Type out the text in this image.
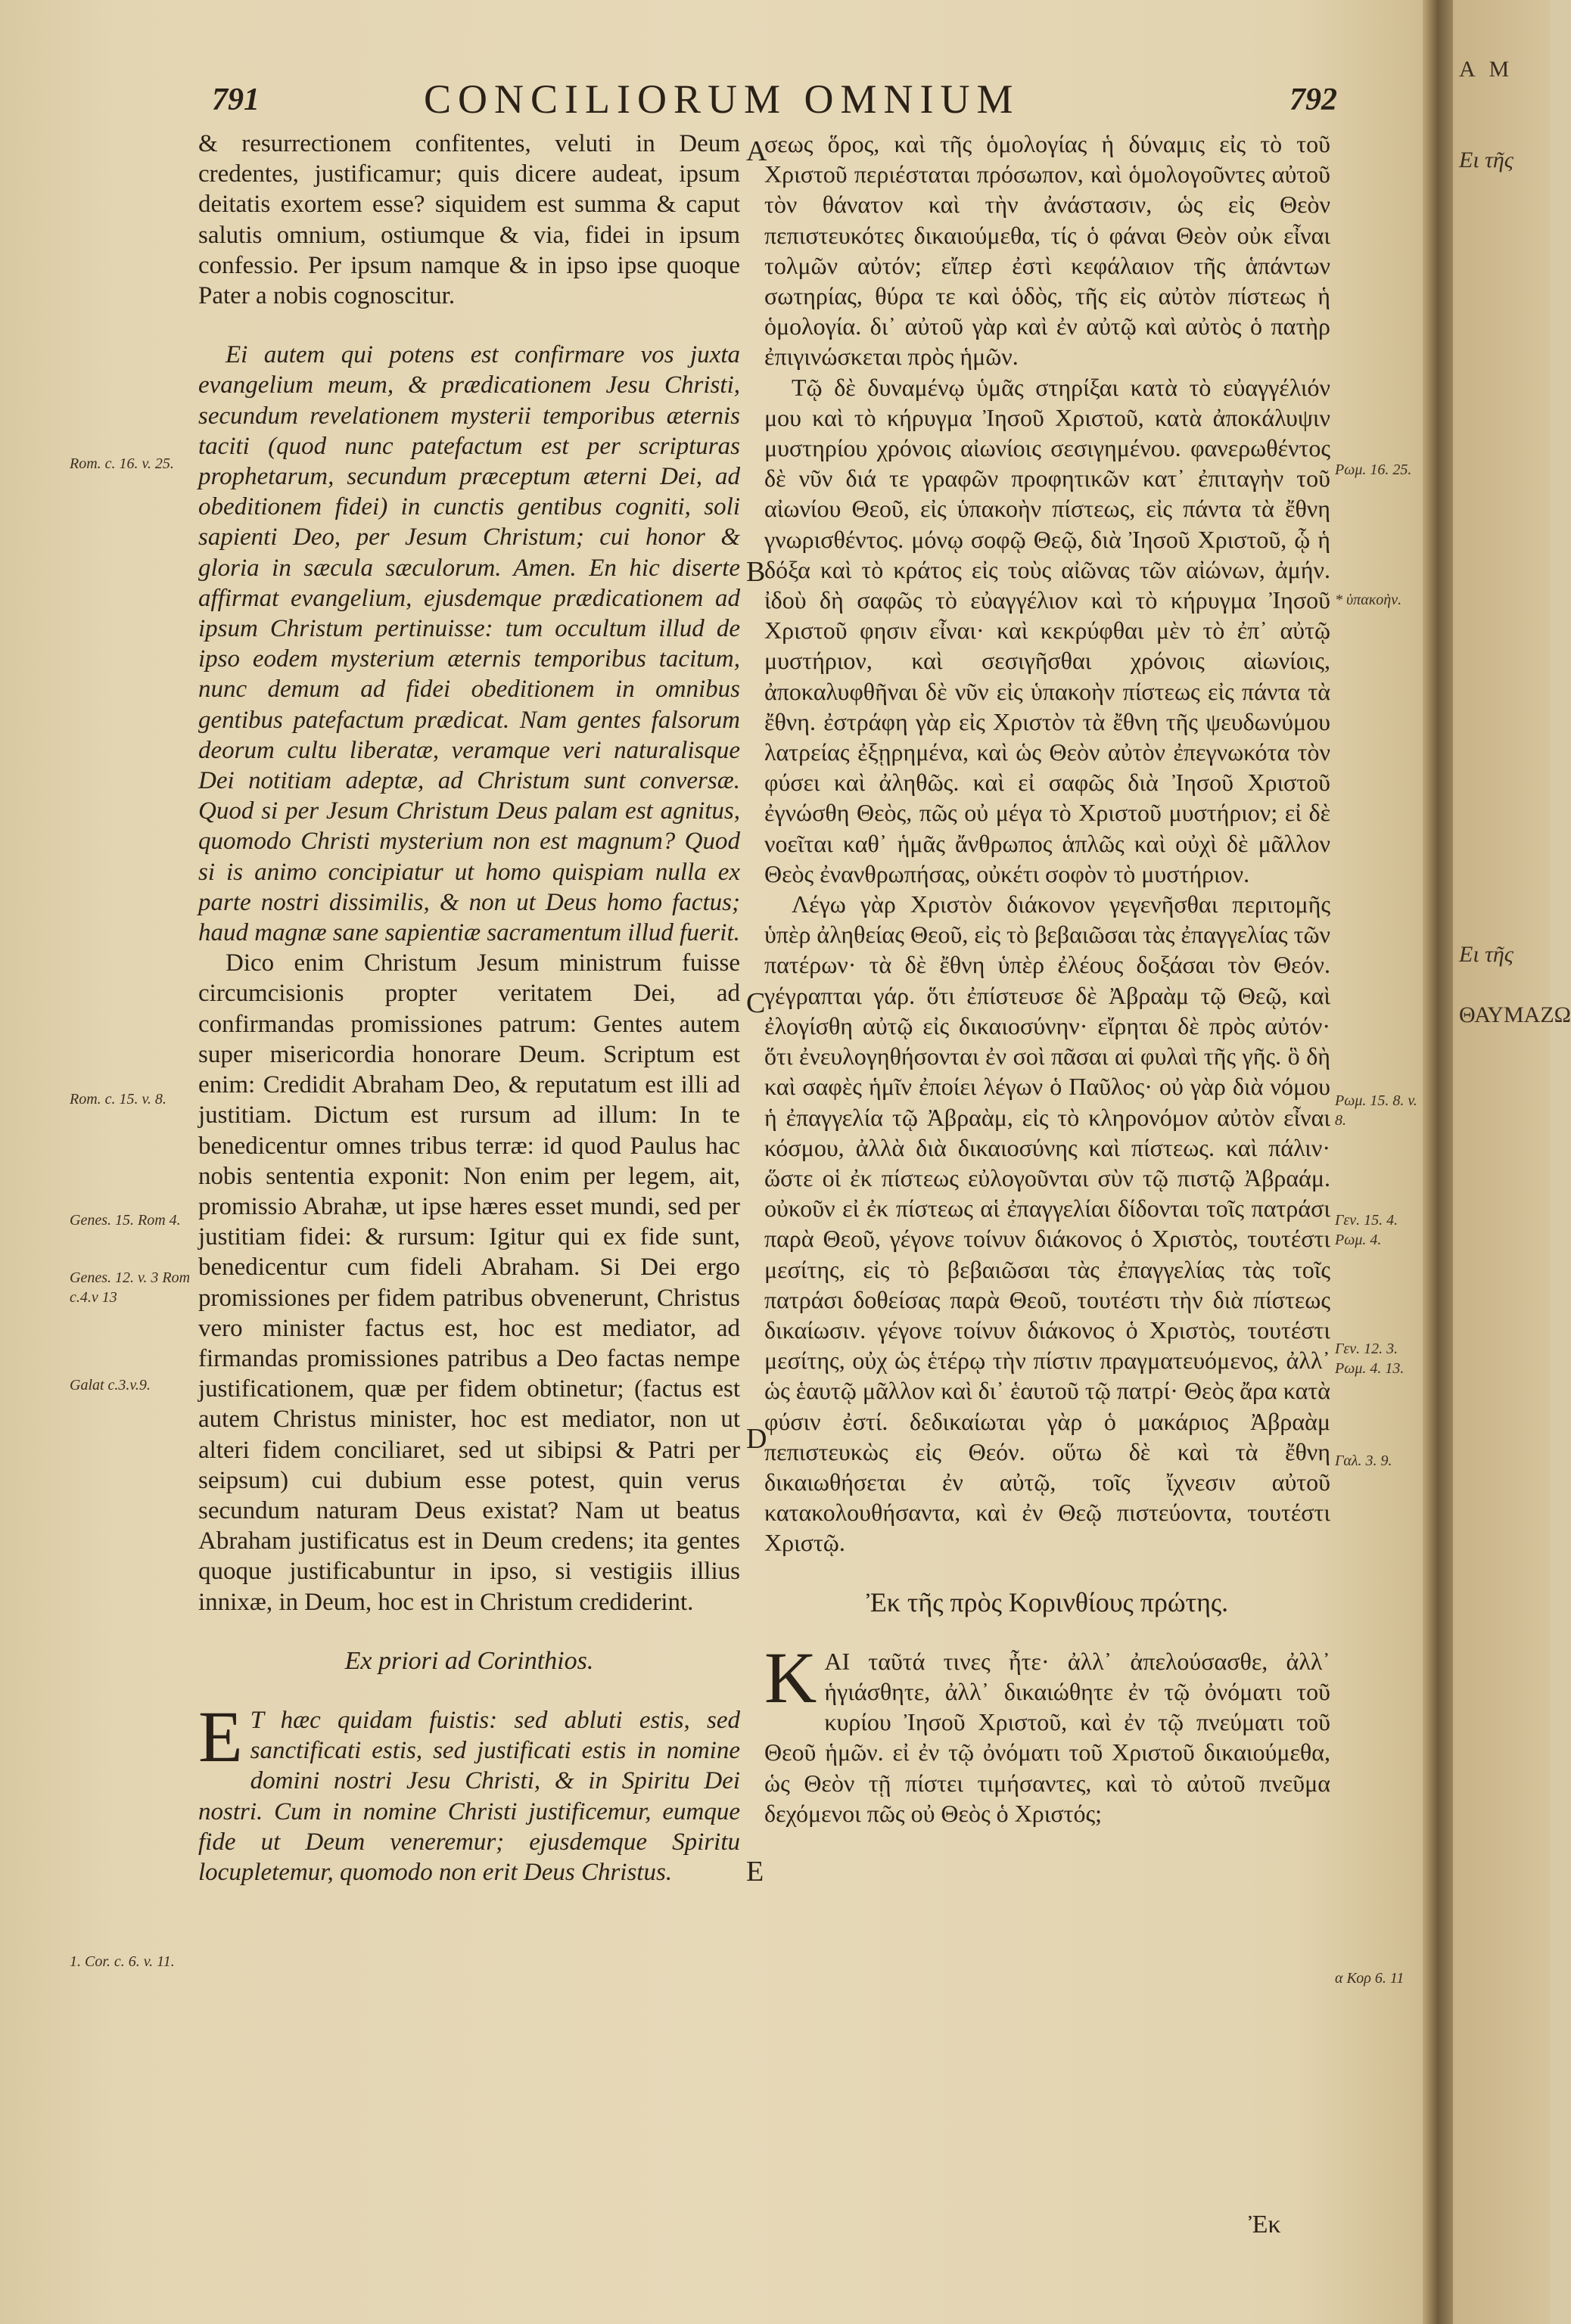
791	CONCILIORUM OMNIUM	792

& resurrectionem confitentes, veluti in Deum credentes, justificamur; quis dicere audeat, ipsum deitatis exortem esse? siquidem est summa & caput salutis omnium, ostiumque & via, fidei in ipsum confessio. Per ipsum namque & in ipso ipse quoque Pater a nobis cognoscitur.

Ei autem qui potens est confirmare vos juxta evangelium meum, & prædicationem Jesu Christi, secundum revelationem mysterii temporibus æternis taciti (quod nunc patefactum est per scripturas prophetarum, secundum præceptum æterni Dei, ad obeditionem fidei) in cunctis gentibus cogniti, soli sapienti Deo, per Jesum Christum; cui honor & gloria in sæcula sæculorum. Amen. En hic diserte affirmat evangelium, ejusdemque prædicationem ad ipsum Christum pertinuisse: tum occultum illud de ipso eodem mysterium æternis temporibus tacitum, nunc demum ad fidei obeditionem in omnibus gentibus patefactum prædicat. Nam gentes falsorum deorum cultu liberatæ, veramque veri naturalisque Dei notitiam adeptæ, ad Christum sunt conversæ. Quod si per Jesum Christum Deus palam est agnitus, quomodo Christi mysterium non est magnum? Quod si is animo concipiatur ut homo quispiam nulla ex parte nostri dissimilis, & non ut Deus homo factus; haud magnæ sane sapientiæ sacramentum illud fuerit.

Dico enim Christum Jesum ministrum fuisse circumcisionis propter veritatem Dei, ad confirmandas promissiones patrum: Gentes autem super misericordia honorare Deum. Scriptum est enim: Credidit Abraham Deo, & reputatum est illi ad justitiam. Dictum est rursum ad illum: In te benedicentur omnes tribus terræ: id quod Paulus hac nobis sententia exponit: Non enim per legem, ait, promissio Abrahæ, ut ipse hæres esset mundi, sed per justitiam fidei: & rursum: Igitur qui ex fide sunt, benedicentur cum fideli Abraham. Si Dei ergo promissiones per fidem patribus obvenerunt, Christus vero minister factus est, hoc est mediator, ad firmandas promissiones patribus a Deo factas nempe justificationem, quæ per fidem obtinetur; (factus est autem Christus minister, hoc est mediator, non ut alteri fidem conciliaret, sed ut sibipsi & Patri per seipsum) cui dubium esse potest, quin verus secundum naturam Deus existat? Nam ut beatus Abraham justificatus est in Deum credens; ita gentes quoque justificabuntur in ipso, si vestigiis illius innixæ, in Deum, hoc est in Christum crediderint.

Ex priori ad Corinthios.

E T hæc quidam fuistis: sed abluti estis, sed sanctificati estis, sed justificati estis in nomine domini nostri Jesu Christi, & in Spiritu Dei nostri. Cum in nomine Christi justificemur, eumque fide ut Deum veneremur; ejusdemque Spiritu locupletemur, quomodo non erit Deus Christus.

A
B
C
D
E

σεως ὅρος, καὶ τῆς ὁμολογίας ἡ δύναμις εἰς τὸ τοῦ Χριστοῦ περιέσταται πρόσωπον, καὶ ὁμολογοῦντες αὐτοῦ τὸν θάνατον καὶ τὴν ἀνάστασιν, ὡς εἰς Θεὸν πεπιστευκότες δικαιούμεθα, τίς ὁ φάναι Θεὸν οὐκ εἶναι τολμῶν αὐτόν; εἴπερ ἐστὶ κεφάλαιον τῆς ἁπάντων σωτηρίας, θύρα τε καὶ ὁδὸς, τῆς εἰς αὐτὸν πίστεως ἡ ὁμολογία. δι᾽ αὐτοῦ γὰρ καὶ ἐν αὐτῷ καὶ αὐτὸς ὁ πατὴρ ἐπιγινώσκεται πρὸς ἡμῶν.

Τῷ δὲ δυναμένῳ ὑμᾶς στηρίξαι κατὰ τὸ εὐαγγέλιόν μου καὶ τὸ κήρυγμα Ἰησοῦ Χριστοῦ, κατὰ ἀποκάλυψιν μυστηρίου χρόνοις αἰωνίοις σεσιγημένου. φανερωθέντος δὲ νῦν διά τε γραφῶν προφητικῶν κατ᾽ ἐπιταγὴν τοῦ αἰωνίου Θεοῦ, εἰς ὑπακοὴν πίστεως, εἰς πάντα τὰ ἔθνη γνωρισθέντος. μόνῳ σοφῷ Θεῷ, διὰ Ἰησοῦ Χριστοῦ, ᾧ ἡ δόξα καὶ τὸ κράτος εἰς τοὺς αἰῶνας τῶν αἰώνων, ἀμήν. ἰδοὺ δὴ σαφῶς τὸ εὐαγγέλιον καὶ τὸ κήρυγμα Ἰησοῦ Χριστοῦ φησιν εἶναι· καὶ κεκρύφθαι μὲν τὸ ἐπ᾽ αὐτῷ μυστήριον, καὶ σεσιγῆσθαι χρόνοις αἰωνίοις, ἀποκαλυφθῆναι δὲ νῦν εἰς ὑπακοὴν πίστεως εἰς πάντα τὰ ἔθνη. ἐστράφη γὰρ εἰς Χριστὸν τὰ ἔθνη τῆς ψευδωνύμου λατρείας ἐξῃρημένα, καὶ ὡς Θεὸν αὐτὸν ἐπεγνωκότα τὸν φύσει καὶ ἀληθῶς. καὶ εἰ σαφῶς διὰ Ἰησοῦ Χριστοῦ ἐγνώσθη Θεὸς, πῶς οὐ μέγα τὸ Χριστοῦ μυστήριον; εἰ δὲ νοεῖται καθ᾽ ἡμᾶς ἄνθρωπος ἁπλῶς καὶ οὐχὶ δὲ μᾶλλον Θεὸς ἐνανθρωπήσας, οὐκέτι σοφὸν τὸ μυστήριον.

Λέγω γὰρ Χριστὸν διάκονον γεγενῆσθαι περιτομῆς ὑπὲρ ἀληθείας Θεοῦ, εἰς τὸ βεβαιῶσαι τὰς ἐπαγγελίας τῶν πατέρων· τὰ δὲ ἔθνη ὑπὲρ ἐλέους δοξάσαι τὸν Θεόν. γέγραπται γάρ. ὅτι ἐπίστευσε δὲ Ἀβραὰμ τῷ Θεῷ, καὶ ἐλογίσθη αὐτῷ εἰς δικαιοσύνην· εἴρηται δὲ πρὸς αὐτόν· ὅτι ἐνευλογηθήσονται ἐν σοὶ πᾶσαι αἱ φυλαὶ τῆς γῆς. ὃ δὴ καὶ σαφὲς ἡμῖν ἐποίει λέγων ὁ Παῦλος· οὐ γὰρ διὰ νόμου ἡ ἐπαγγελία τῷ Ἀβραὰμ, εἰς τὸ κληρονόμον αὐτὸν εἶναι κόσμου, ἀλλὰ διὰ δικαιοσύνης καὶ πίστεως. καὶ πάλιν· ὥστε οἱ ἐκ πίστεως εὐλογοῦνται σὺν τῷ πιστῷ Ἀβραάμ. οὐκοῦν εἰ ἐκ πίστεως αἱ ἐπαγγελίαι δίδονται τοῖς πατράσι παρὰ Θεοῦ, γέγονε τοίνυν διάκονος ὁ Χριστὸς, τουτέστι μεσίτης, εἰς τὸ βεβαιῶσαι τὰς ἐπαγγελίας τὰς τοῖς πατράσι δοθείσας παρὰ Θεοῦ, τουτέστι τὴν διὰ πίστεως δικαίωσιν. γέγονε τοίνυν διάκονος ὁ Χριστὸς, τουτέστι μεσίτης, οὐχ ὡς ἑτέρῳ τὴν πίστιν πραγματευόμενος, ἀλλ᾽ ὡς ἑαυτῷ μᾶλλον καὶ δι᾽ ἑαυτοῦ τῷ πατρί· Θεὸς ἄρα κατὰ φύσιν ἐστί. δεδικαίωται γὰρ ὁ μακάριος Ἀβραὰμ πεπιστευκὼς εἰς Θεόν. οὕτω δὲ καὶ τὰ ἔθνη δικαιωθήσεται ἐν αὐτῷ, τοῖς ἴχνεσιν αὐτοῦ κατακολουθήσαντα, καὶ ἐν Θεῷ πιστεύοντα, τουτέστι Χριστῷ.

Ἐκ τῆς πρὸς Κορινθίους πρώτης.

Κ ΑΙ ταῦτά τινες ἦτε· ἀλλ᾽ ἀπελούσασθε, ἀλλ᾽ ἡγιάσθητε, ἀλλ᾽ δικαιώθητε ἐν τῷ ὀνόματι τοῦ κυρίου Ἰησοῦ Χριστοῦ, καὶ ἐν τῷ πνεύματι τοῦ Θεοῦ ἡμῶν. εἰ ἐν τῷ ὀνόματι τοῦ Χριστοῦ δικαιούμεθα, ὡς Θεὸν τῇ πίστει τιμήσαντες, καὶ τὸ αὐτοῦ πνεῦμα δεχόμενοι πῶς οὐ Θεὸς ὁ Χριστός;

Ἐκ
Rom. c. 16. v. 25.
Rom. c. 15. v. 8.
Genes. 15. Rom 4.
Genes. 12. v. 3 Rom c.4.v 13
Galat c.3.v.9.
1. Cor. c. 6. v. 11.
Ρωμ. 16. 25.
* ὑπακοὴν.
Ρωμ. 15. 8. v. 8.
Γεν. 15. 4. Ρωμ. 4.
Γεν. 12. 3. Ρωμ. 4. 13.
Γαλ. 3. 9.
α Κορ 6. 11
A M
Ει τῆς
Ει τῆς
ΘΑΥΜΑΖΩ
